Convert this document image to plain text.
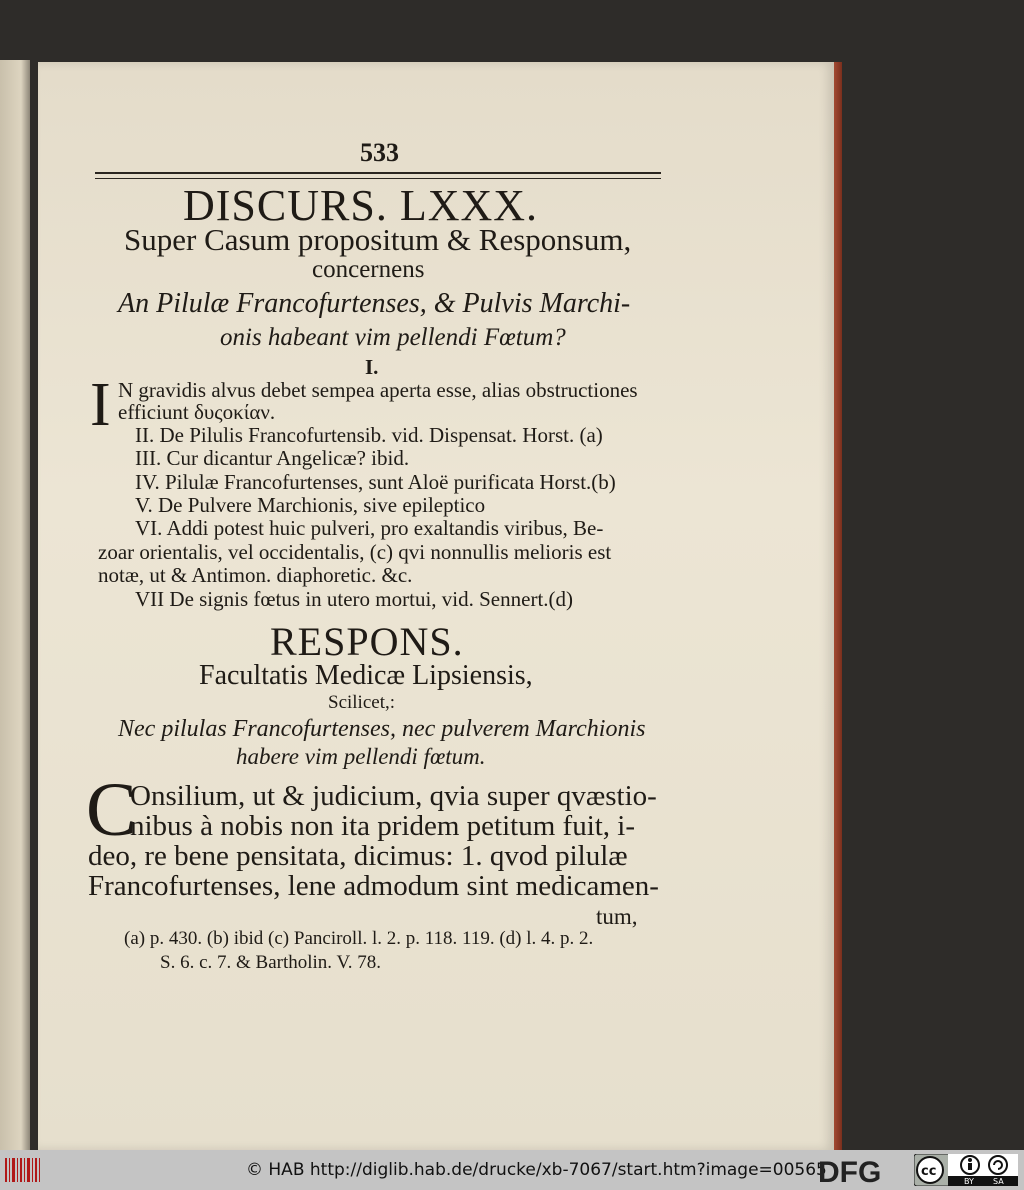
533
DISCURS. LXXX.
Super Casum propositum & Responsum,
concernens
An Pilulæ Francofurtenses, & Pulvis Marchi-
onis habeant vim pellendi Fœtum?
I.
I N gravidis alvus debet sempea aperta esse, alias obstructiones
efficiunt δυςοκίαν.
II. De Pilulis Francofurtensib. vid. Dispensat. Horst. (a)
III. Cur dicantur Angelicæ? ibid.
IV. Pilulæ Francofurtenses, sunt Aloë purificata Horst.(b)
V. De Pulvere Marchionis, sive epileptico
VI. Addi potest huic pulveri, pro exaltandis viribus, Be-
zoar orientalis, vel occidentalis, (c) qvi nonnullis melioris est
notæ, ut & Antimon. diaphoretic. &c.
VII De signis fœtus in utero mortui, vid. Sennert.(d)
RESPONS.
Facultatis Medicæ Lipsiensis,
Scilicet,:
Nec pilulas Francofurtenses, nec pulverem Marchionis
habere vim pellendi fœtum.
C
Onsilium, ut & judicium, qvia super qvæstio-
nibus à nobis non ita pridem petitum fuit, i-
deo, re bene pensitata, dicimus: 1. qvod pilulæ
Francofurtenses, lene admodum sint medicamen-
tum,
(a) p. 430. (b) ibid (c) Panciroll. l. 2. p. 118. 119. (d) l. 4. p. 2.
S. 6. c. 7. & Bartholin. V. 78.
© HAB http://diglib.hab.de/drucke/xb-7067/start.htm?image=00565
DFG	cc
BY SA
